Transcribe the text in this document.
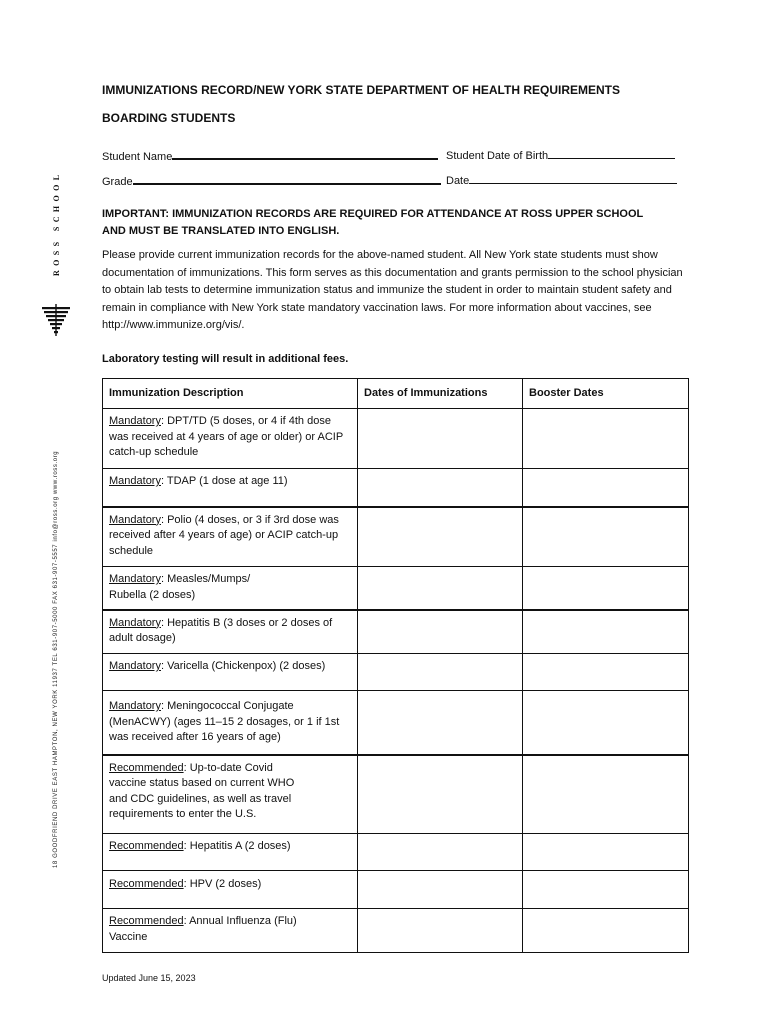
ROSS SCHOOL
18 GOODFRIEND DRIVE EAST HAMPTON, NEW YORK 11937 TEL 631-907-5000 FAX 631-907-5557 info@ross.org www.ross.org
IMMUNIZATIONS RECORD/NEW YORK STATE DEPARTMENT OF HEALTH REQUIREMENTS
BOARDING STUDENTS
Student Name	Student Date of Birth
Grade	Date
IMPORTANT: IMMUNIZATION RECORDS ARE REQUIRED FOR ATTENDANCE AT ROSS UPPER SCHOOL AND MUST BE TRANSLATED INTO ENGLISH.
Please provide current immunization records for the above-named student. All New York state students must show documentation of immunizations. This form serves as this documentation and grants permission to the school physician to obtain lab tests to determine immunization status and immunize the student in order to maintain student safety and remain in compliance with New York state mandatory vaccination laws. For more information about vaccines, see http://www.immunize.org/vis/.
Laboratory testing will result in additional fees.
Immunization Description	Dates of Immunizations	Booster Dates
Mandatory: DPT/TD (5 doses, or 4 if 4th dose was received at 4 years of age or older) or ACIP catch-up schedule		
Mandatory: TDAP (1 dose at age 11)		
Mandatory: Polio (4 doses, or 3 if 3rd dose was received after 4 years of age) or ACIP catch-up schedule		
Mandatory: Measles/Mumps/ Rubella (2 doses)		
Mandatory: Hepatitis B (3 doses or 2 doses of adult dosage)		
Mandatory: Varicella (Chickenpox) (2 doses)		
Mandatory: Meningococcal Conjugate (MenACWY) (ages 11–15 2 dosages, or 1 if 1st was received after 16 years of age)		
Recommended: Up-to-date Covid vaccine status based on current WHO and CDC guidelines, as well as travel requirements to enter the U.S.		
Recommended: Hepatitis A (2 doses)		
Recommended: HPV (2 doses)		
Recommended: Annual Influenza (Flu) Vaccine		
Updated June 15, 2023
